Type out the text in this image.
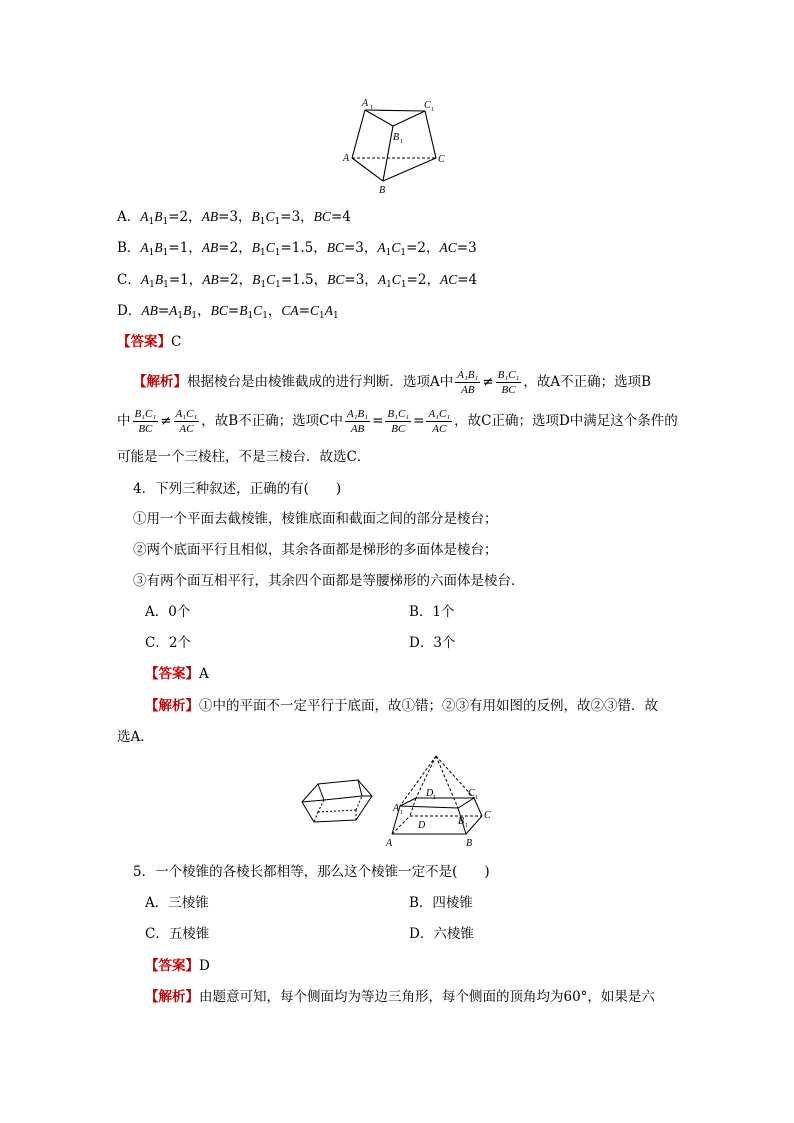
A 1	C 1
B 1
A	C
B
A．$A_1B_1=2$，AB=3，$B_1C_1=3$，BC=4
B．$A_1B_1=1$，AB=2，$B_1C_1=1.5$，BC=3，$A_1C_1=2$，AC=3
C．$A_1B_1=1$，AB=2，$B_1C_1=1.5$，BC=3，$A_1C_1=2$，AC=4
D．$AB=A_1B_1$，$BC=B_1C_1$，$CA=C_1A_1$
【答案】C
【解析】根据棱台是由棱锥截成的进行判断．选项A中 $\frac{\text{A₁B₁}}{AB} \ne \frac{\text{B₁C₁}}{BC}$ ，故A不正确；选项B
中 $\frac{\text{B₁C₁}}{BC} \ne \frac{\text{A₁C₁}}{AC}$ ，故B不正确；选项C中 $\frac{\text{A₁B₁}}{AB} = \frac{\text{B₁C₁}}{BC} = \frac{\text{A₁C₁}}{AC}$ ，故C正确；选项D中满足这个条件的
可能是一个三棱柱，不是三棱台．故选C．
4．下列三种叙述，正确的有(　　)
①用一个平面去截棱锥，棱锥底面和截面之间的部分是棱台；
②两个底面平行且相似，其余各面都是梯形的多面体是棱台；
③有两个面互相平行，其余四个面都是等腰梯形的六面体是棱台．
A．0个	B．1个
C．2个	D．3个
【答案】A
【解析】①中的平面不一定平行于底面，故①错；②③有用如图的反例，故②③错．故
选A．
A 1
D 1	C 1
B 1
D
C
A	B
5．一个棱锥的各棱长都相等，那么这个棱锥一定不是(　　)
A．三棱锥	B．四棱锥
C．五棱锥	D．六棱锥
【答案】D
【解析】由题意可知，每个侧面均为等边三角形，每个侧面的顶角均为60°，如果是六
